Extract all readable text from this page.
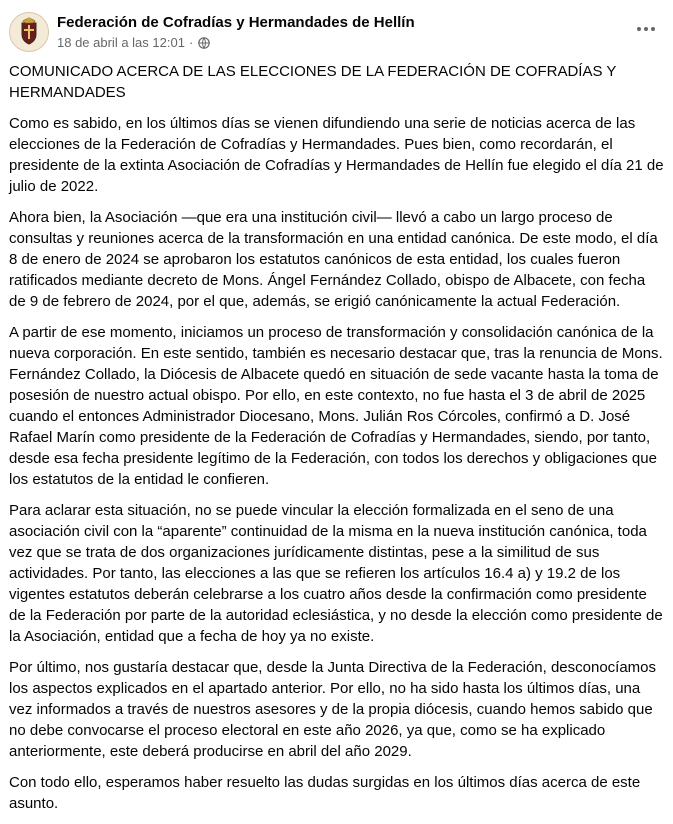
Federación de Cofradías y Hermandades de Hellín
18 de abril a las 12:01 ·

COMUNICADO ACERCA DE LAS ELECCIONES DE LA FEDERACIÓN DE COFRADÍAS Y HERMANDADES

Como es sabido, en los últimos días se vienen difundiendo una serie de noticias acerca de las elecciones de la Federación de Cofradías y Hermandades. Pues bien, como recordarán, el presidente de la extinta Asociación de Cofradías y Hermandades de Hellín fue elegido el día 21 de julio de 2022.

Ahora bien, la Asociación —que era una institución civil— llevó a cabo un largo proceso de consultas y reuniones acerca de la transformación en una entidad canónica. De este modo, el día 8 de enero de 2024 se aprobaron los estatutos canónicos de esta entidad, los cuales fueron ratificados mediante decreto de Mons. Ángel Fernández Collado, obispo de Albacete, con fecha de 9 de febrero de 2024, por el que, además, se erigió canónicamente la actual Federación.

A partir de ese momento, iniciamos un proceso de transformación y consolidación canónica de la nueva corporación. En este sentido, también es necesario destacar que, tras la renuncia de Mons. Fernández Collado, la Diócesis de Albacete quedó en situación de sede vacante hasta la toma de posesión de nuestro actual obispo. Por ello, en este contexto, no fue hasta el 3 de abril de 2025 cuando el entonces Administrador Diocesano, Mons. Julián Ros Córcoles, confirmó a D. José Rafael Marín como presidente de la Federación de Cofradías y Hermandades, siendo, por tanto, desde esa fecha presidente legítimo de la Federación, con todos los derechos y obligaciones que los estatutos de la entidad le confieren.

Para aclarar esta situación, no se puede vincular la elección formalizada en el seno de una asociación civil con la “aparente” continuidad de la misma en la nueva institución canónica, toda vez que se trata de dos organizaciones jurídicamente distintas, pese a la similitud de sus actividades. Por tanto, las elecciones a las que se refieren los artículos 16.4 a) y 19.2 de los vigentes estatutos deberán celebrarse a los cuatro años desde la confirmación como presidente de la Federación por parte de la autoridad eclesiástica, y no desde la elección como presidente de la Asociación, entidad que a fecha de hoy ya no existe.

Por último, nos gustaría destacar que, desde la Junta Directiva de la Federación, desconocíamos los aspectos explicados en el apartado anterior. Por ello, no ha sido hasta los últimos días, una vez informados a través de nuestros asesores y de la propia diócesis, cuando hemos sabido que no debe convocarse el proceso electoral en este año 2026, ya que, como se ha explicado anteriormente, este deberá producirse en abril del año 2029.

Con todo ello, esperamos haber resuelto las dudas surgidas en los últimos días acerca de este asunto.
